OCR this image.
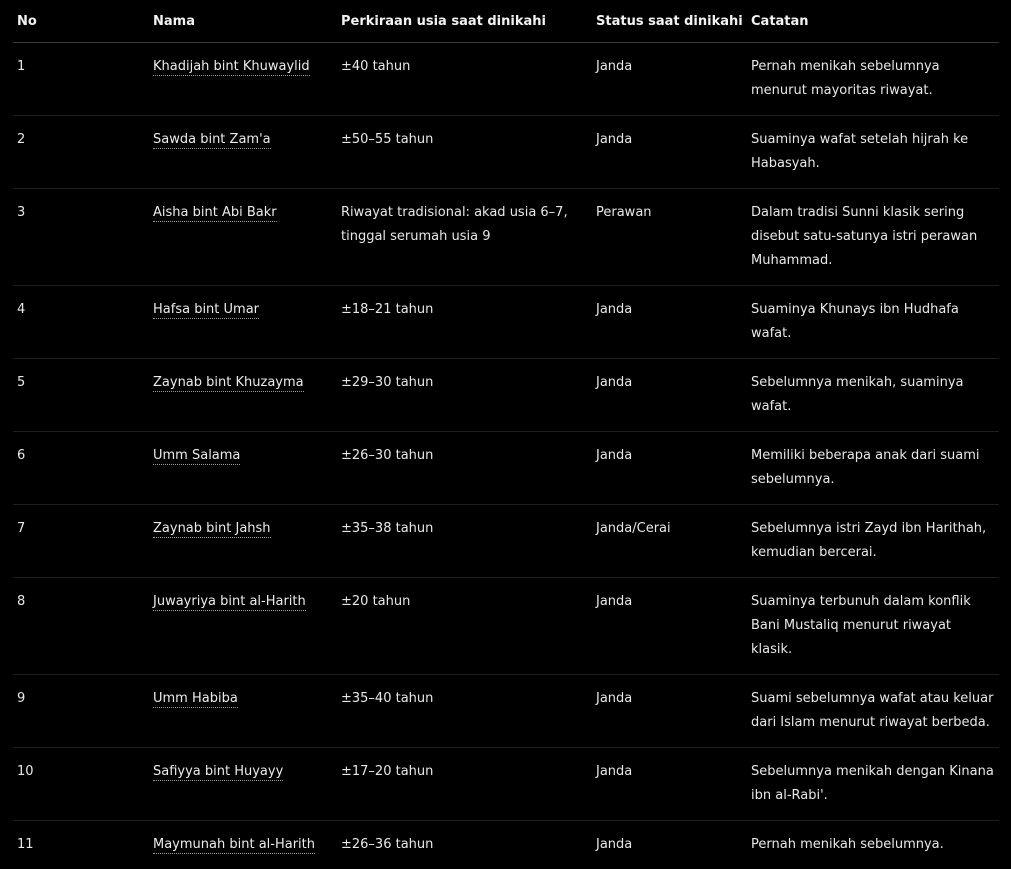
No	Nama	Perkiraan usia saat dinikahi	Status saat dinikahi	Catatan
1	Khadijah bint Khuwaylid	±40 tahun	Janda	Pernah menikah sebelumnya menurut mayoritas riwayat.
2	Sawda bint Zam'a	±50–55 tahun	Janda	Suaminya wafat setelah hijrah ke Habasyah.
3	Aisha bint Abi Bakr	Riwayat tradisional: akad usia 6–7, tinggal serumah usia 9	Perawan	Dalam tradisi Sunni klasik sering disebut satu-satunya istri perawan Muhammad.
4	Hafsa bint Umar	±18–21 tahun	Janda	Suaminya Khunays ibn Hudhafa wafat.
5	Zaynab bint Khuzayma	±29–30 tahun	Janda	Sebelumnya menikah, suaminya wafat.
6	Umm Salama	±26–30 tahun	Janda	Memiliki beberapa anak dari suami sebelumnya.
7	Zaynab bint Jahsh	±35–38 tahun	Janda/Cerai	Sebelumnya istri Zayd ibn Harithah, kemudian bercerai.
8	Juwayriya bint al-Harith	±20 tahun	Janda	Suaminya terbunuh dalam konflik Bani Mustaliq menurut riwayat klasik.
9	Umm Habiba	±35–40 tahun	Janda	Suami sebelumnya wafat atau keluar dari Islam menurut riwayat berbeda.
10	Safiyya bint Huyayy	±17–20 tahun	Janda	Sebelumnya menikah dengan Kinana ibn al-Rabi'.
11	Maymunah bint al-Harith	±26–36 tahun	Janda	Pernah menikah sebelumnya.
